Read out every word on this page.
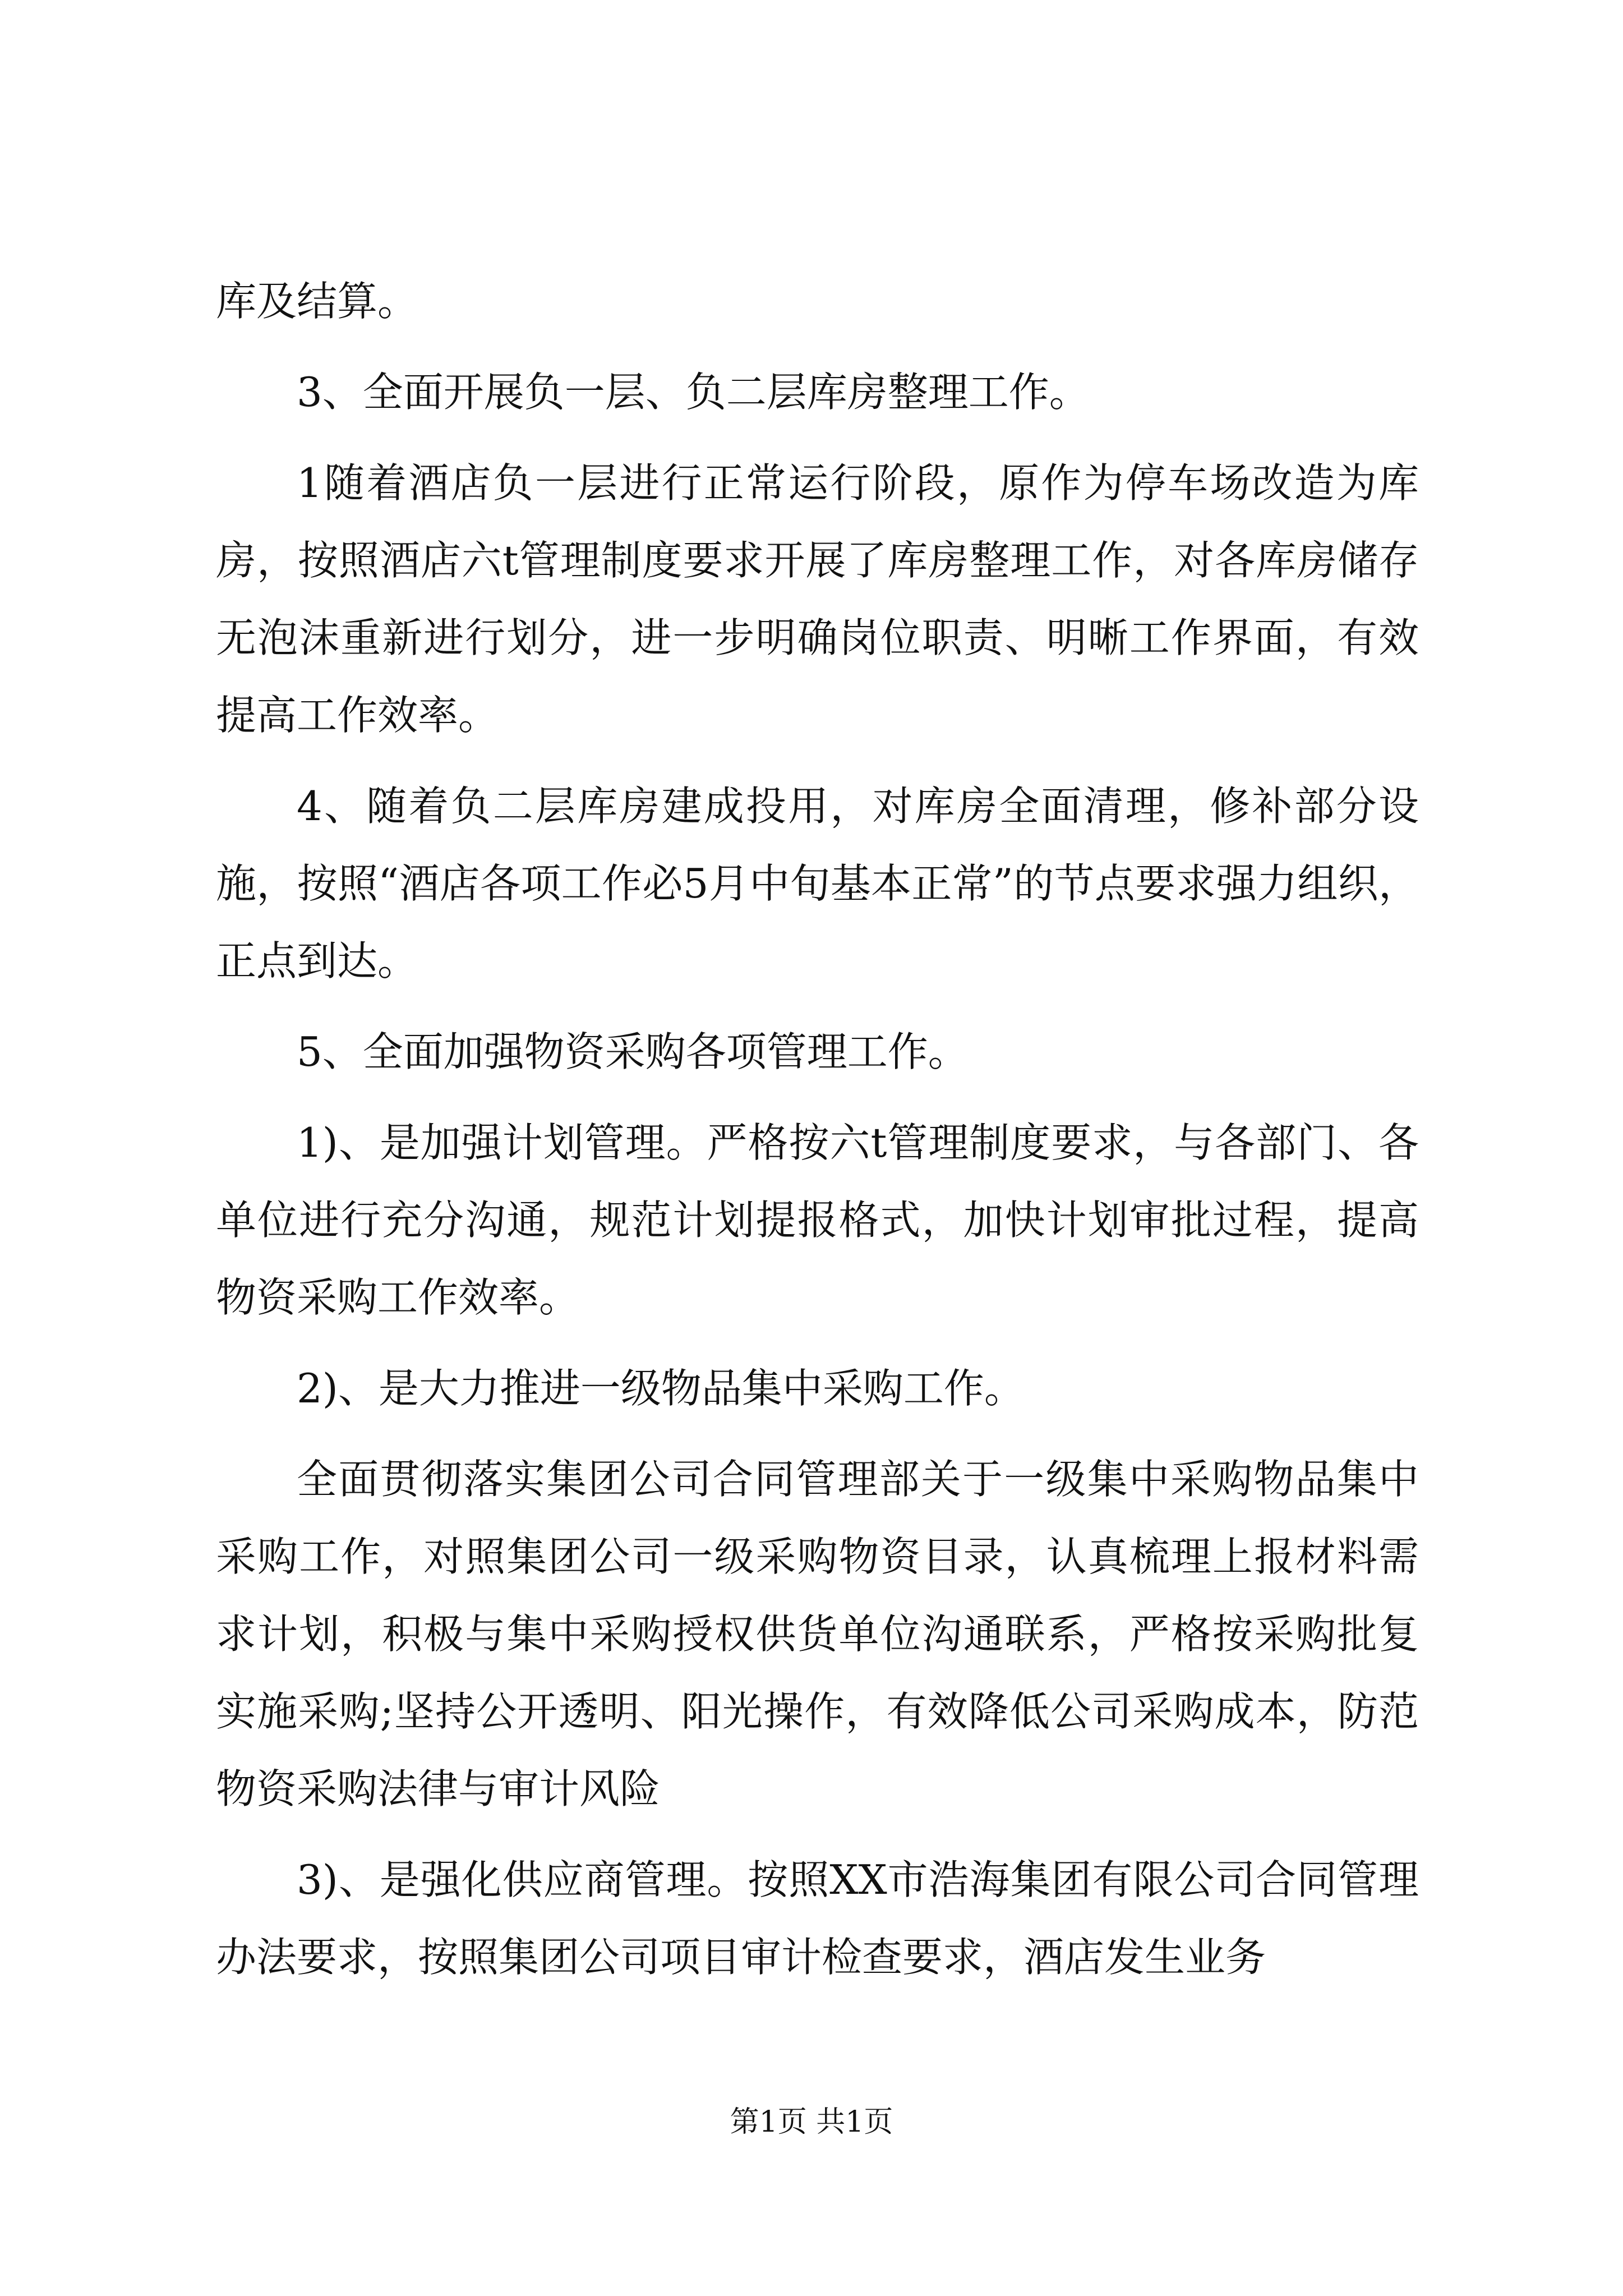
库及结算。

3、全面开展负一层、负二层库房整理工作。

1随着酒店负一层进行正常运行阶段，原作为停车场改造为库房，按照酒店六t管理制度要求开展了库房整理工作，对各库房储存无泡沫重新进行划分，进一步明确岗位职责、明晰工作界面，有效提高工作效率。

4、随着负二层库房建成投用，对库房全面清理，修补部分设施，按照“酒店各项工作必5月中旬基本正常”的节点要求强力组织，正点到达。

5、全面加强物资采购各项管理工作。

1)、是加强计划管理。严格按六t管理制度要求，与各部门、各单位进行充分沟通，规范计划提报格式，加快计划审批过程，提高物资采购工作效率。

2)、是大力推进一级物品集中采购工作。

全面贯彻落实集团公司合同管理部关于一级集中采购物品集中采购工作，对照集团公司一级采购物资目录，认真梳理上报材料需求计划，积极与集中采购授权供货单位沟通联系，严格按采购批复实施采购;坚持公开透明、阳光操作，有效降低公司采购成本，防范物资采购法律与审计风险

3)、是强化供应商管理。按照XX市浩海集团有限公司合同管理办法要求，按照集团公司项目审计检查要求，酒店发生业务

第1页 共1页
